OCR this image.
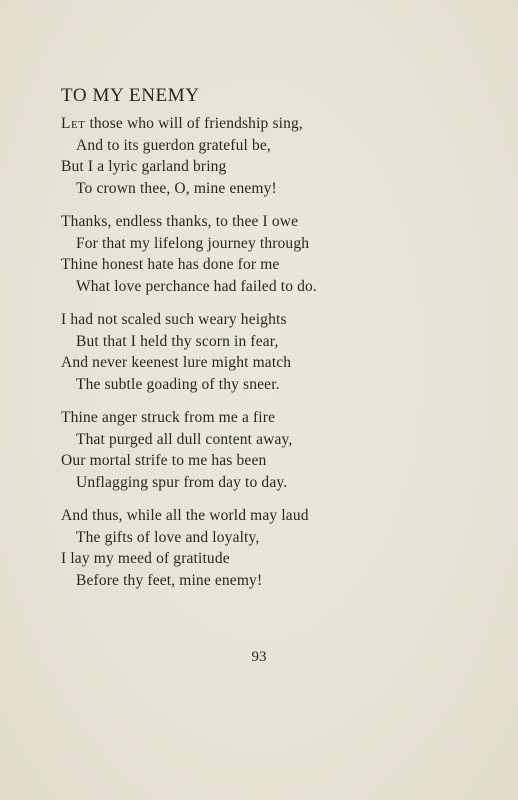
TO MY ENEMY
Let those who will of friendship sing,
And to its guerdon grateful be,
But I a lyric garland bring
To crown thee, O, mine enemy!
Thanks, endless thanks, to thee I owe
For that my lifelong journey through
Thine honest hate has done for me
What love perchance had failed to do.
I had not scaled such weary heights
But that I held thy scorn in fear,
And never keenest lure might match
The subtle goading of thy sneer.
Thine anger struck from me a fire
That purged all dull content away,
Our mortal strife to me has been
Unflagging spur from day to day.
And thus, while all the world may laud
The gifts of love and loyalty,
I lay my meed of gratitude
Before thy feet, mine enemy!
93
